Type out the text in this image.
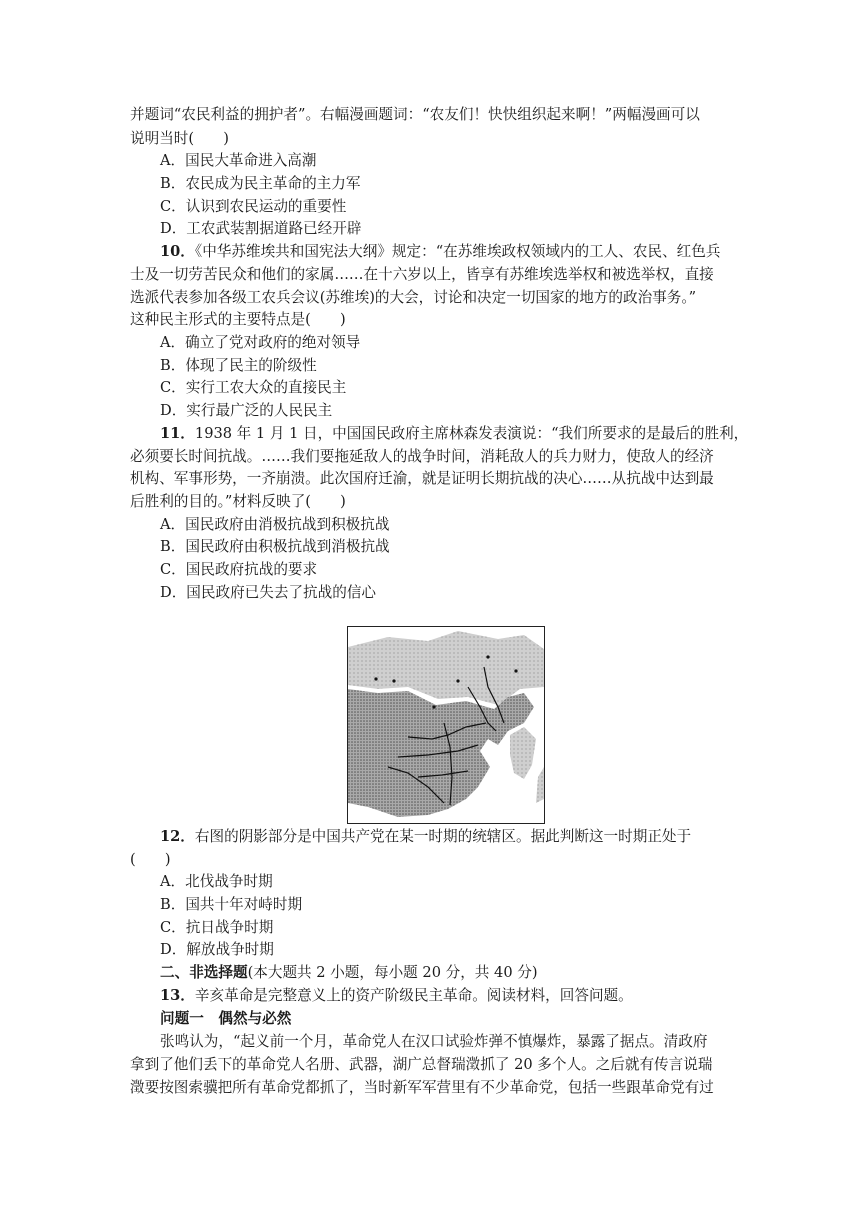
并题词“农民利益的拥护者”。右幅漫画题词：“农友们！快快组织起来啊！”两幅漫画可以
说明当时(　　)
A．国民大革命进入高潮
B．农民成为民主革命的主力军
C．认识到农民运动的重要性
D．工农武装割据道路已经开辟
10．《中华苏维埃共和国宪法大纲》规定：“在苏维埃政权领域内的工人、农民、红色兵
士及一切劳苦民众和他们的家属……在十六岁以上，皆享有苏维埃选举权和被选举权，直接
选派代表参加各级工农兵会议(苏维埃)的大会，讨论和决定一切国家的地方的政治事务。”
这种民主形式的主要特点是(　　)
A．确立了党对政府的绝对领导
B．体现了民主的阶级性
C．实行工农大众的直接民主
D．实行最广泛的人民民主
11．1938 年 1 月 1 日，中国国民政府主席林森发表演说：“我们所要求的是最后的胜利，
必须要长时间抗战。……我们要拖延敌人的战争时间，消耗敌人的兵力财力，使敌人的经济
机构、军事形势，一齐崩溃。此次国府迁渝，就是证明长期抗战的决心……从抗战中达到最
后胜利的目的。”材料反映了(　　)
A．国民政府由消极抗战到积极抗战
B．国民政府由积极抗战到消极抗战
C．国民政府抗战的要求
D．国民政府已失去了抗战的信心
12．右图的阴影部分是中国共产党在某一时期的统辖区。据此判断这一时期正处于
(　　)
A．北伐战争时期
B．国共十年对峙时期
C．抗日战争时期
D．解放战争时期
二、非选择题(本大题共 2 小题，每小题 20 分，共 40 分)
13．辛亥革命是完整意义上的资产阶级民主革命。阅读材料，回答问题。
问题一　偶然与必然
张鸣认为，“起义前一个月，革命党人在汉口试验炸弹不慎爆炸，暴露了据点。清政府
拿到了他们丢下的革命党人名册、武器，湖广总督瑞澂抓了 20 多个人。之后就有传言说瑞
澂要按图索骥把所有革命党都抓了，当时新军军营里有不少革命党，包括一些跟革命党有过
